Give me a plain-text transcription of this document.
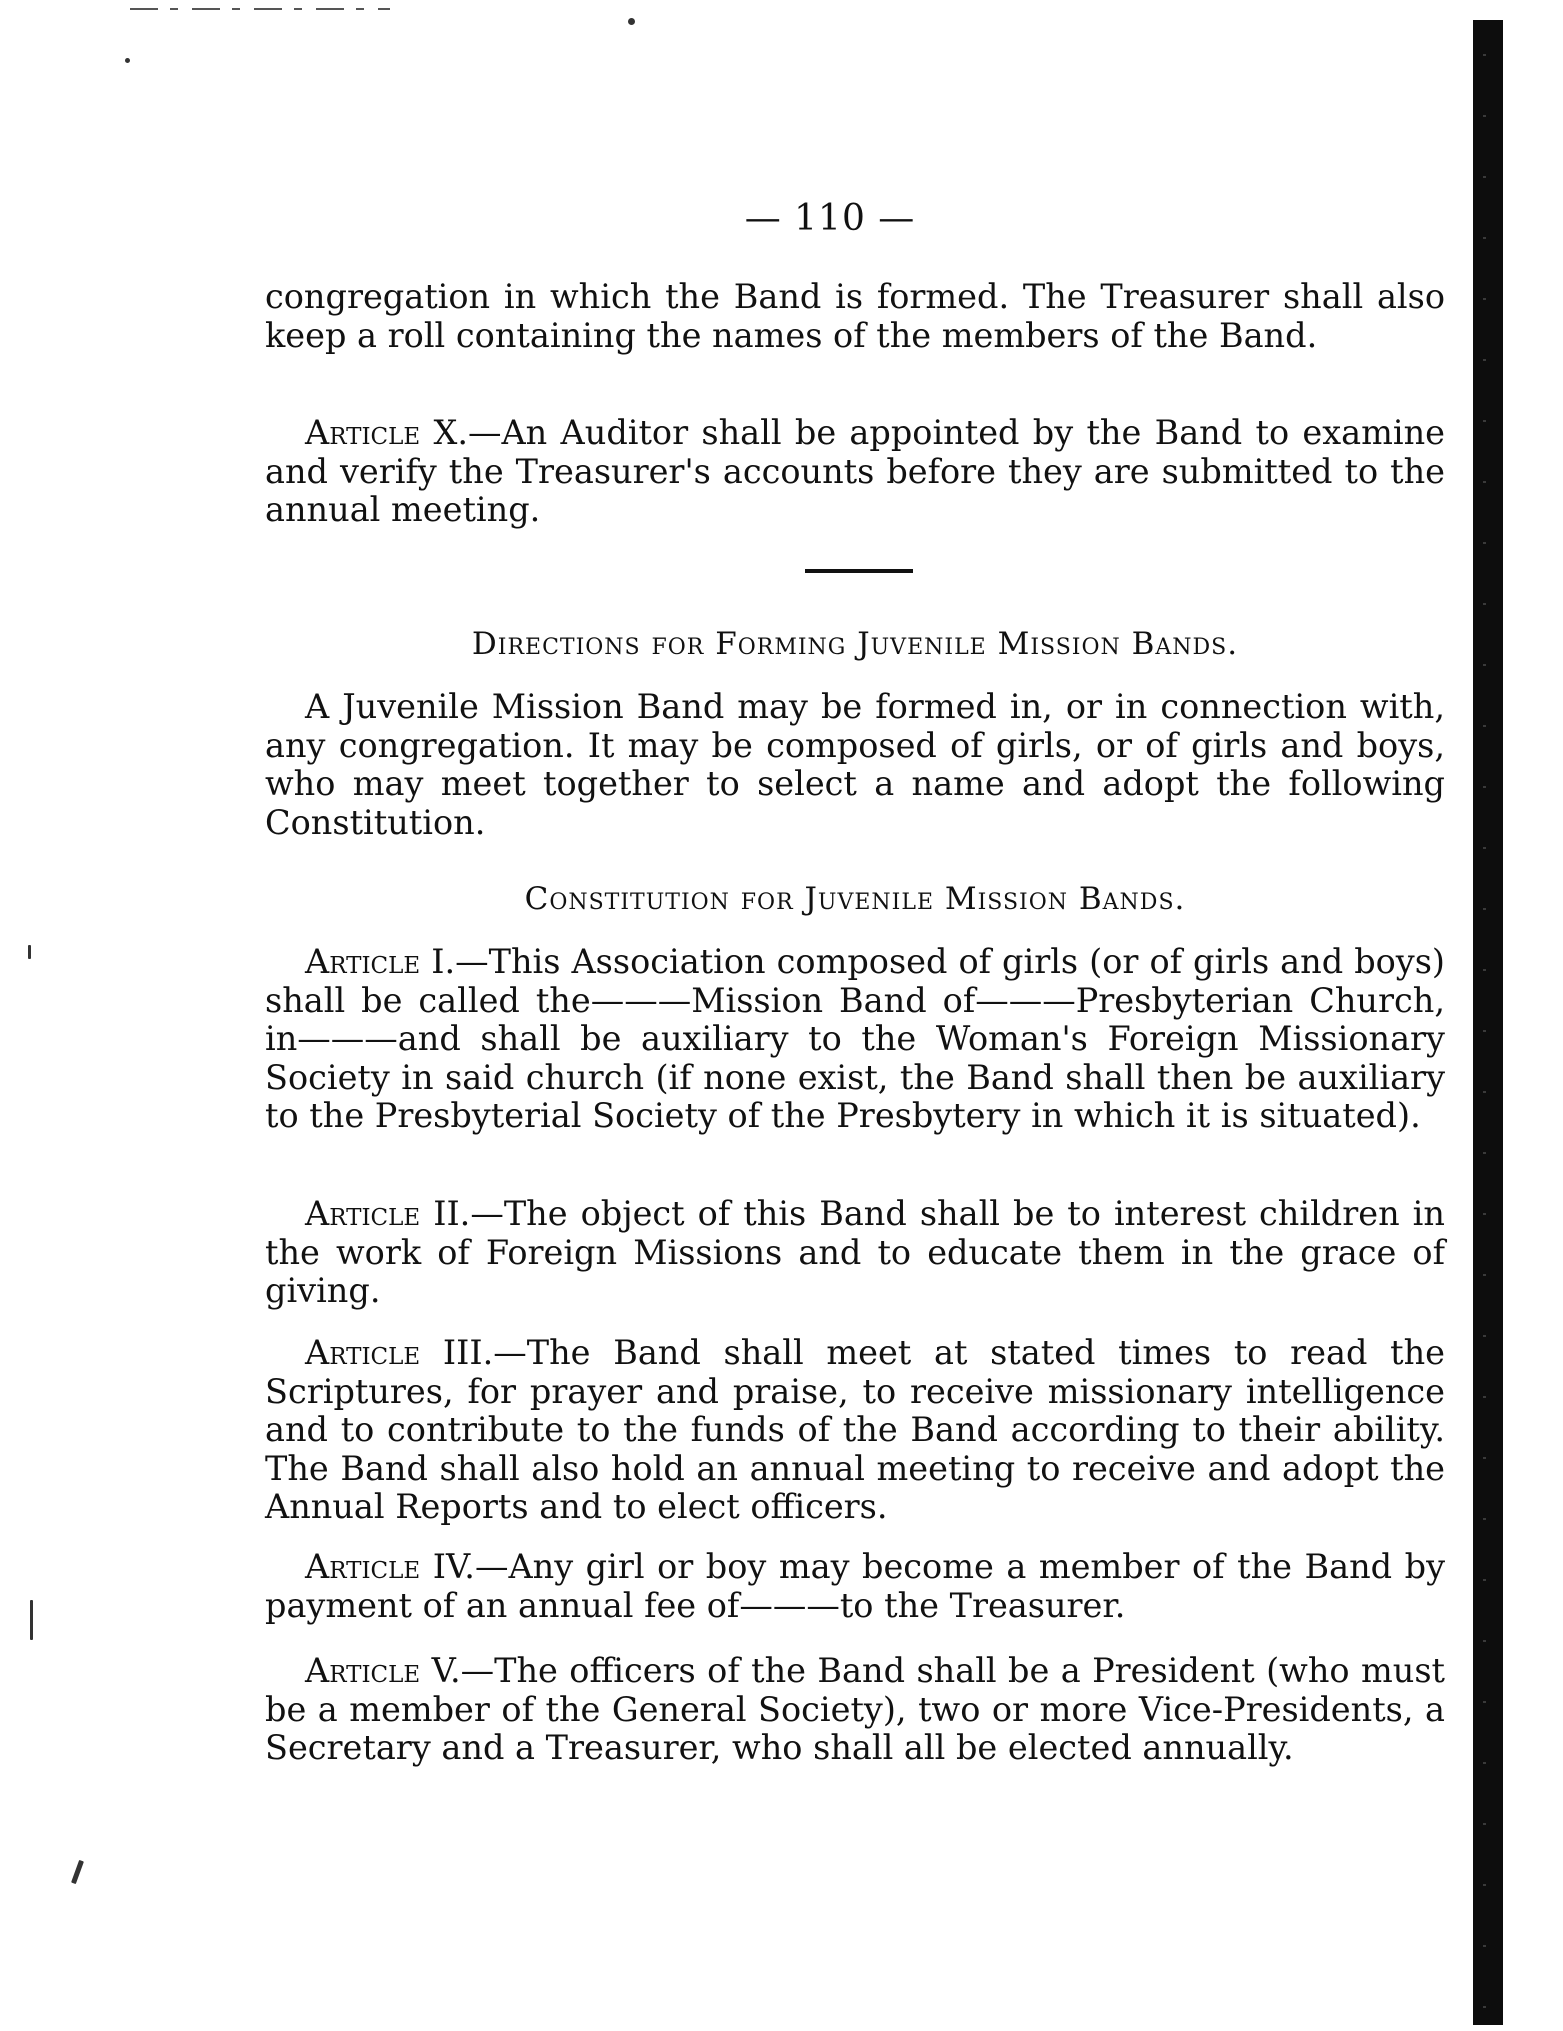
— 110 —

congregation in which the Band is formed. The Treasurer shall also keep a roll containing the names of the members of the Band.

Article X.—An Auditor shall be appointed by the Band to examine and verify the Treasurer's accounts before they are submitted to the annual meeting.

Directions for Forming Juvenile Mission Bands.

A Juvenile Mission Band may be formed in, or in connection with, any congregation. It may be composed of girls, or of girls and boys, who may meet together to select a name and adopt the following Constitution.

Constitution for Juvenile Mission Bands.

Article I.—This Association composed of girls (or of girls and boys) shall be called the———Mission Band of———Presbyterian Church, in———and shall be auxiliary to the Woman's Foreign Missionary Society in said church (if none exist, the Band shall then be auxiliary to the Presbyterial Society of the Presbytery in which it is situated).

Article II.—The object of this Band shall be to interest children in the work of Foreign Missions and to educate them in the grace of giving.

Article III.—The Band shall meet at stated times to read the Scriptures, for prayer and praise, to receive missionary intelligence and to contribute to the funds of the Band according to their ability. The Band shall also hold an annual meeting to receive and adopt the Annual Reports and to elect officers.

Article IV.—Any girl or boy may become a member of the Band by payment of an annual fee of———to the Treasurer.

Article V.—The officers of the Band shall be a President (who must be a member of the General Society), two or more Vice-Presidents, a Secretary and a Treasurer, who shall all be elected annually.
